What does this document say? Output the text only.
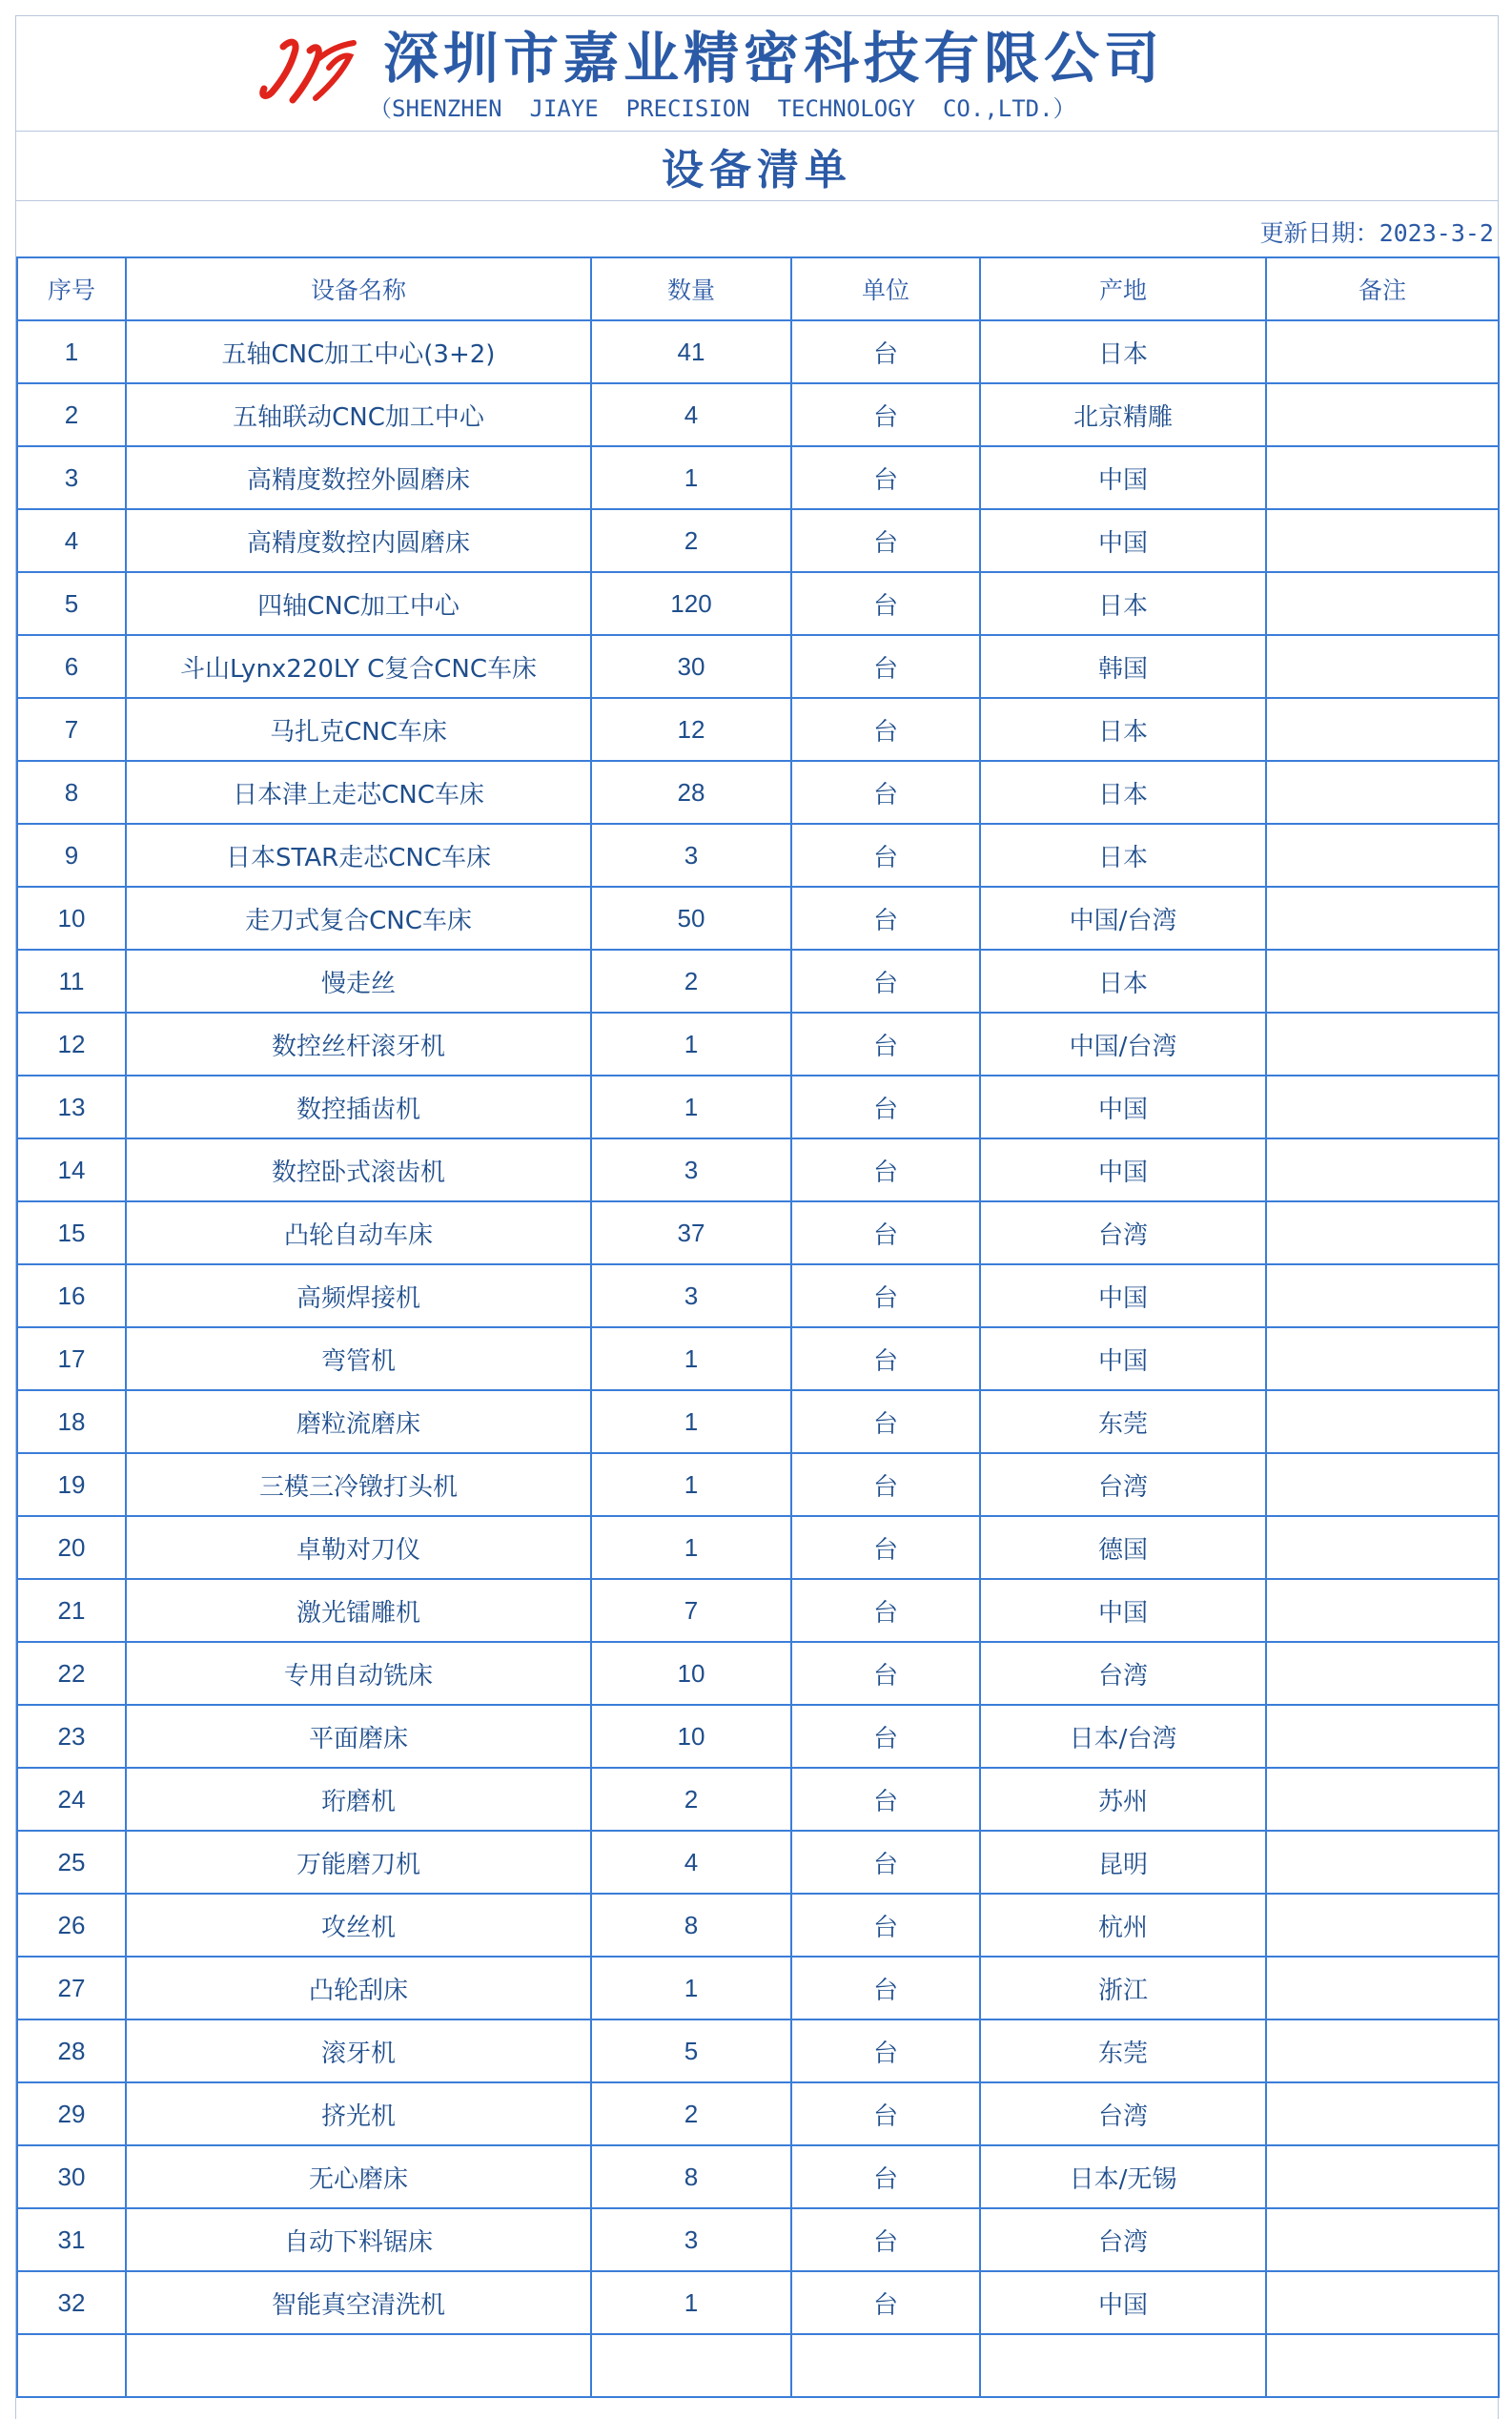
深圳市嘉业精密科技有限公司
（SHENZHEN  JIAYE  PRECISION  TECHNOLOGY  CO.,LTD.）
设备清单
更新日期：2023-3-2
序号	设备名称	数量	单位	产地	备注
1	五轴CNC加工中心(3+2)	41	台	日本	
2	五轴联动CNC加工中心	4	台	北京精雕	
3	高精度数控外圆磨床	1	台	中国	
4	高精度数控内圆磨床	2	台	中国	
5	四轴CNC加工中心	120	台	日本	
6	斗山Lynx220LY C复合CNC车床	30	台	韩国	
7	马扎克CNC车床	12	台	日本	
8	日本津上走芯CNC车床	28	台	日本	
9	日本STAR走芯CNC车床	3	台	日本	
10	走刀式复合CNC车床	50	台	中国/台湾	
11	慢走丝	2	台	日本	
12	数控丝杆滚牙机	1	台	中国/台湾	
13	数控插齿机	1	台	中国	
14	数控卧式滚齿机	3	台	中国	
15	凸轮自动车床	37	台	台湾	
16	高频焊接机	3	台	中国	
17	弯管机	1	台	中国	
18	磨粒流磨床	1	台	东莞	
19	三模三冷镦打头机	1	台	台湾	
20	卓勒对刀仪	1	台	德国	
21	激光镭雕机	7	台	中国	
22	专用自动铣床	10	台	台湾	
23	平面磨床	10	台	日本/台湾	
24	珩磨机	2	台	苏州	
25	万能磨刀机	4	台	昆明	
26	攻丝机	8	台	杭州	
27	凸轮刮床	1	台	浙江	
28	滚牙机	5	台	东莞	
29	挤光机	2	台	台湾	
30	无心磨床	8	台	日本/无锡	
31	自动下料锯床	3	台	台湾	
32	智能真空清洗机	1	台	中国	
